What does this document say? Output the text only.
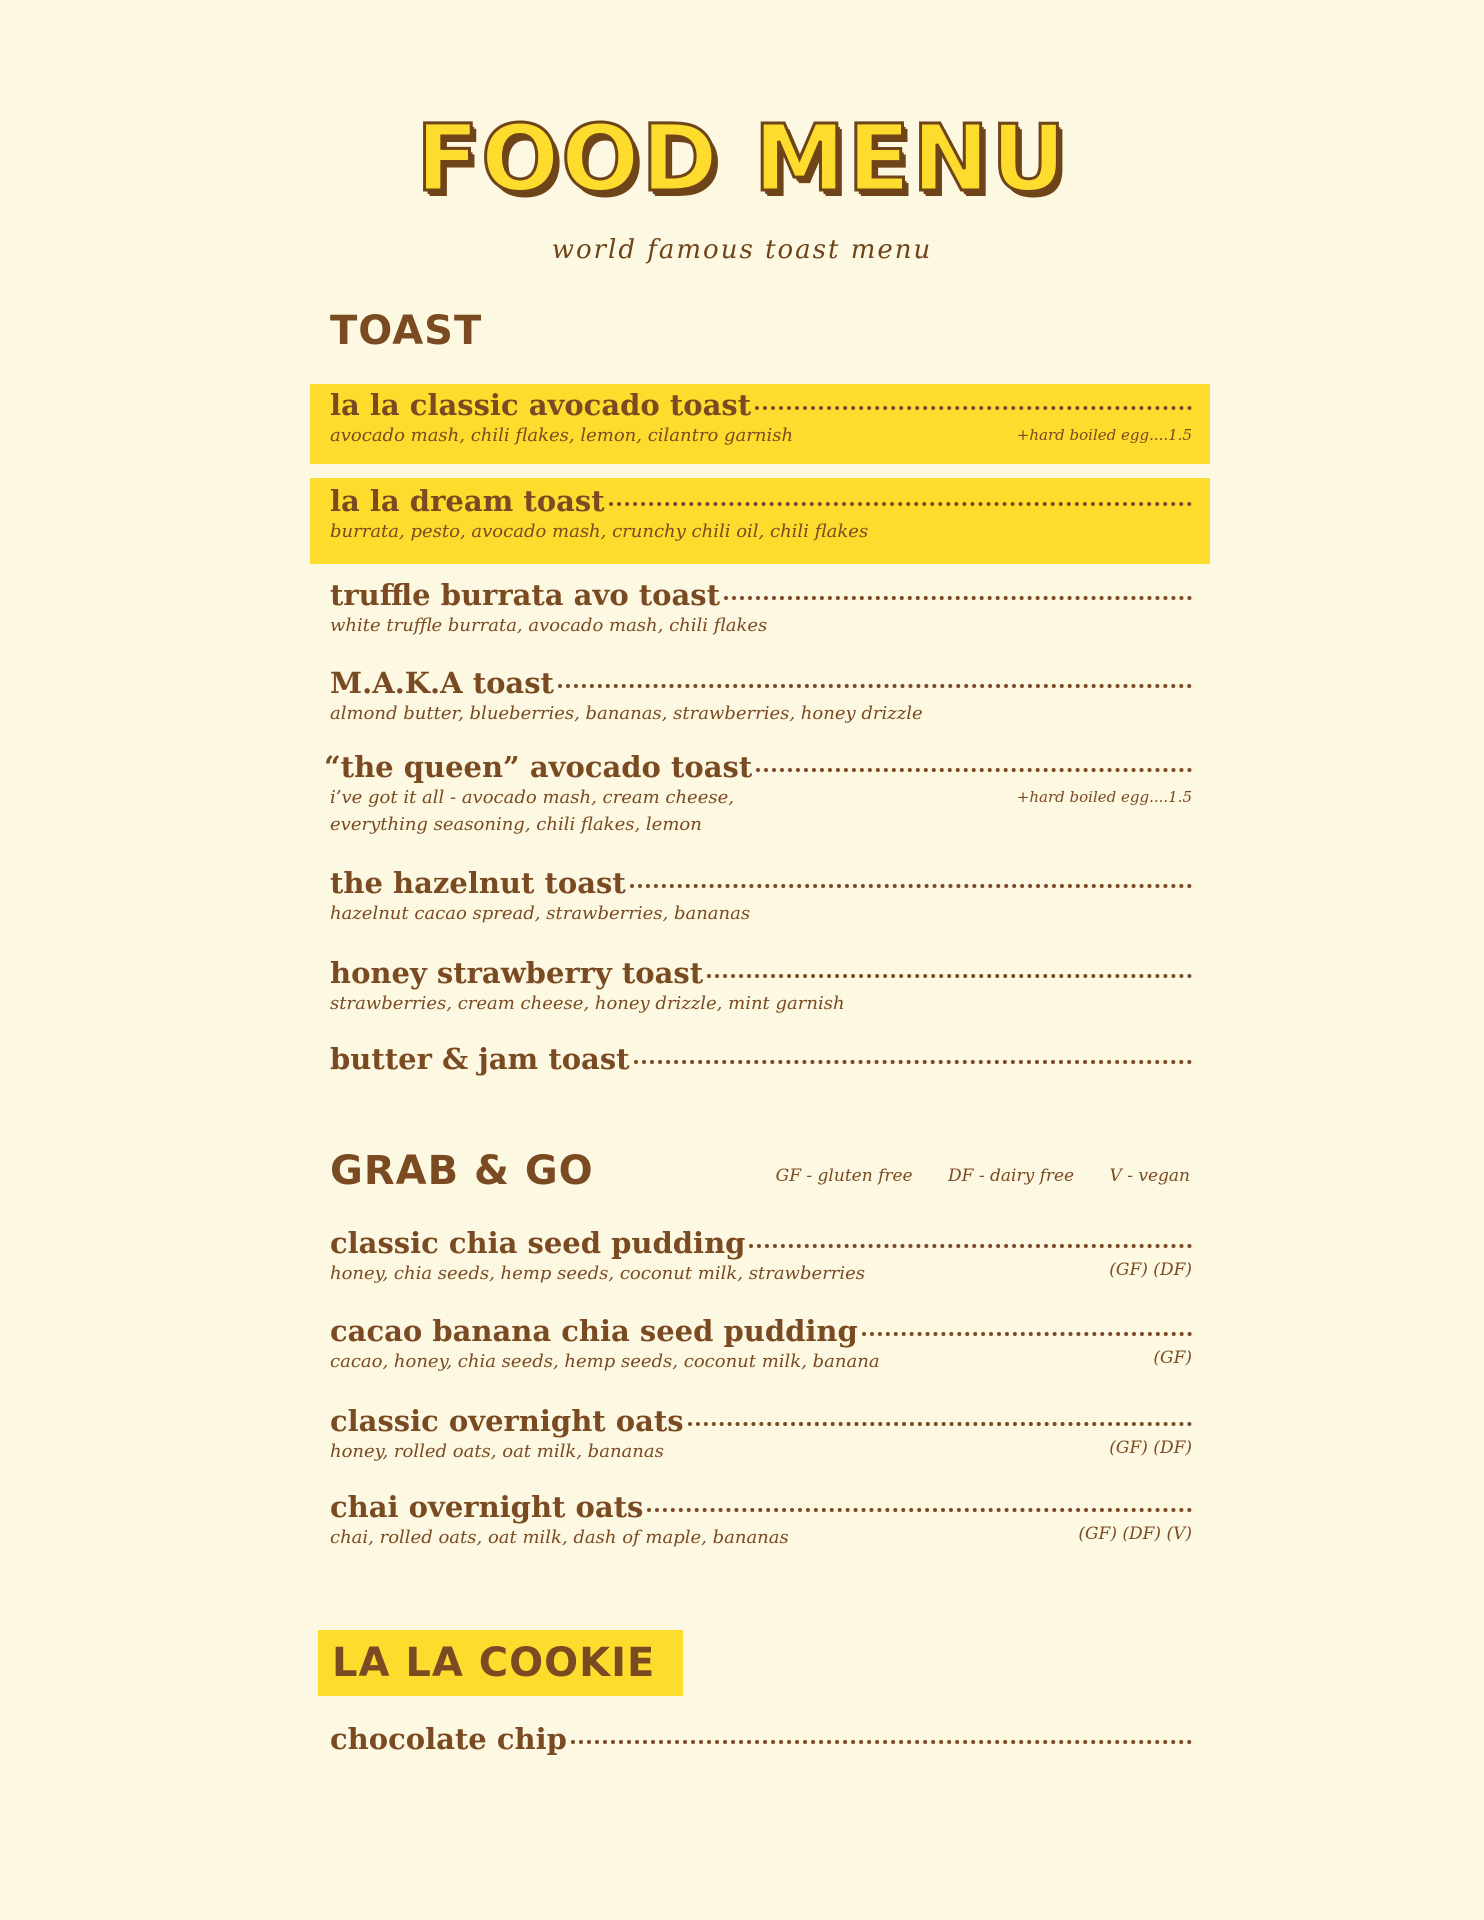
FOOD MENU
world famous toast menu
TOAST
la la classic avocado toast
avocado mash, chili flakes, lemon, cilantro garnish	+hard boiled egg....1.5
la la dream toast
burrata, pesto, avocado mash, crunchy chili oil, chili flakes
truffle burrata avo toast
white truffle burrata, avocado mash, chili flakes
M.A.K.A toast
almond butter, blueberries, bananas, strawberries, honey drizzle
“the queen” avocado toast
i’ve got it all - avocado mash, cream cheese,	+hard boiled egg....1.5
everything seasoning, chili flakes, lemon
the hazelnut toast
hazelnut cacao spread, strawberries, bananas
honey strawberry toast
strawberries, cream cheese, honey drizzle, mint garnish
butter & jam toast
GRAB & GO	GF - gluten free DF - dairy free V - vegan
classic chia seed pudding
honey, chia seeds, hemp seeds, coconut milk, strawberries	(GF) (DF)
cacao banana chia seed pudding
cacao, honey, chia seeds, hemp seeds, coconut milk, banana	(GF)
classic overnight oats
honey, rolled oats, oat milk, bananas	(GF) (DF)
chai overnight oats
chai, rolled oats, oat milk, dash of maple, bananas	(GF) (DF) (V)
LA LA COOKIE
chocolate chip
